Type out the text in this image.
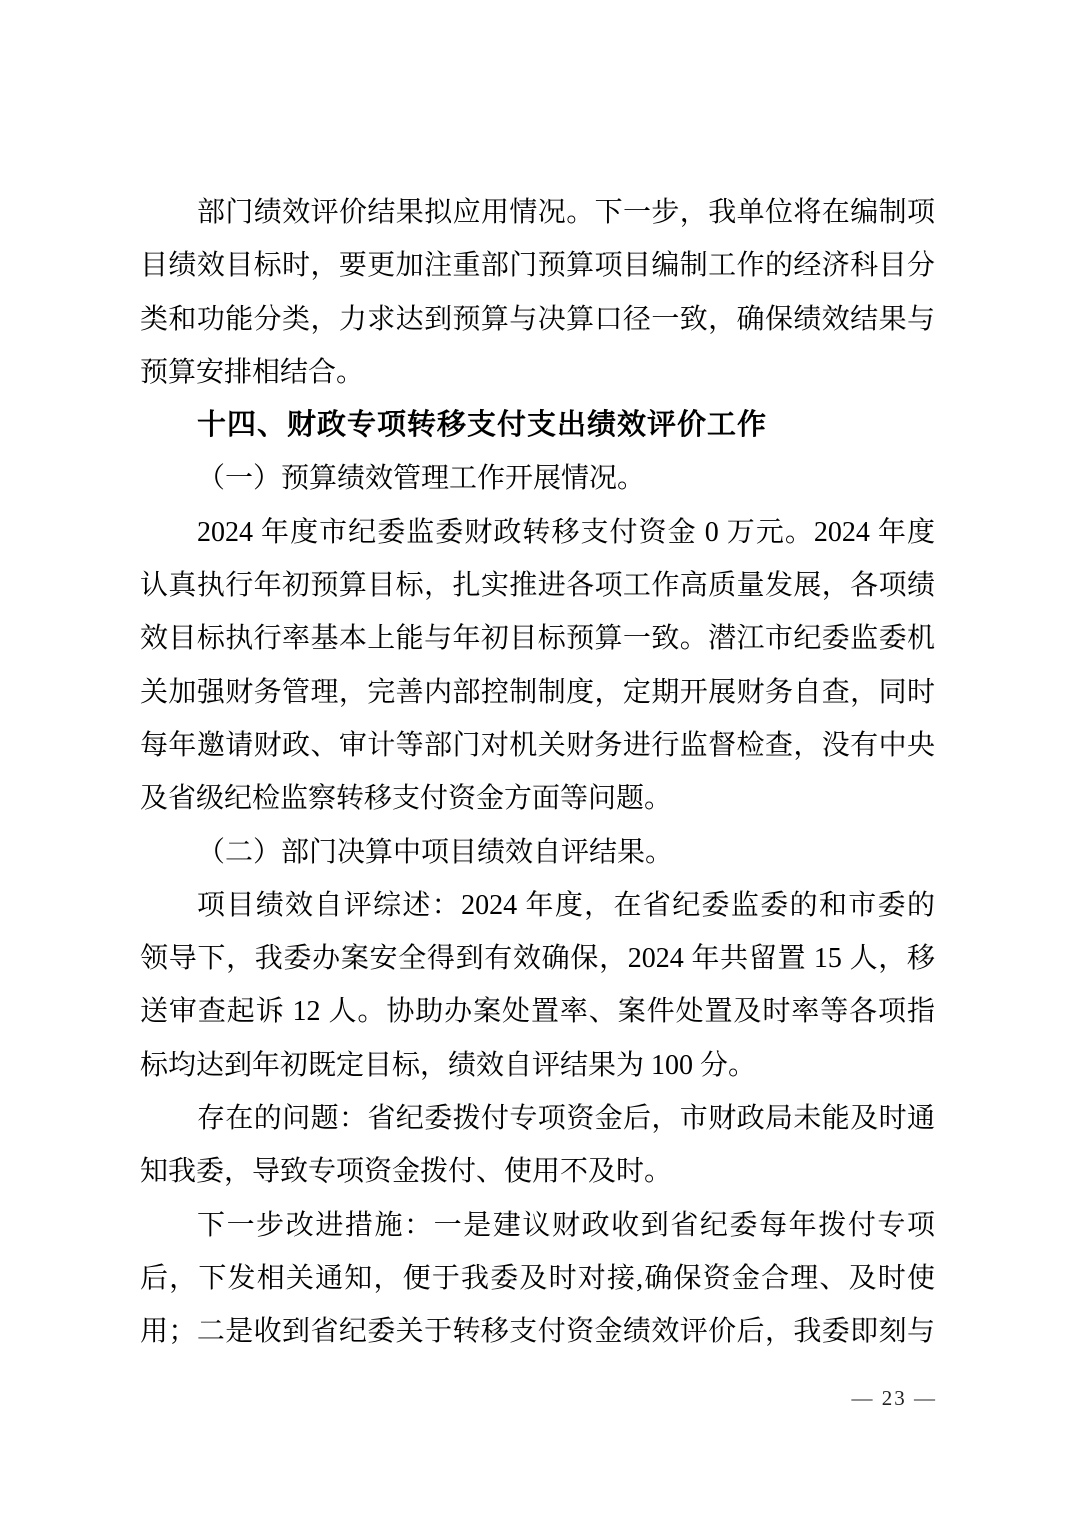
部门绩效评价结果拟应用情况。下一步，我单位将在编制项
目绩效目标时，要更加注重部门预算项目编制工作的经济科目分
类和功能分类，力求达到预算与决算口径一致，确保绩效结果与
预算安排相结合。
十四、财政专项转移支付支出绩效评价工作
（一）预算绩效管理工作开展情况。
2024 年度市纪委监委财政转移支付资金 0 万元。2024 年度
认真执行年初预算目标，扎实推进各项工作高质量发展，各项绩
效目标执行率基本上能与年初目标预算一致。潜江市纪委监委机
关加强财务管理，完善内部控制制度，定期开展财务自查，同时
每年邀请财政、审计等部门对机关财务进行监督检查，没有中央
及省级纪检监察转移支付资金方面等问题。
（二）部门决算中项目绩效自评结果。
项目绩效自评综述：2024 年度，在省纪委监委的和市委的
领导下，我委办案安全得到有效确保，2024 年共留置 15 人，移
送审查起诉 12 人。协助办案处置率、案件处置及时率等各项指
标均达到年初既定目标，绩效自评结果为 100 分。
存在的问题：省纪委拨付专项资金后，市财政局未能及时通
知我委，导致专项资金拨付、使用不及时。
下一步改进措施：一是建议财政收到省纪委每年拨付专项
后，下发相关通知，便于我委及时对接,确保资金合理、及时使
用；二是收到省纪委关于转移支付资金绩效评价后，我委即刻与
— 23 —
